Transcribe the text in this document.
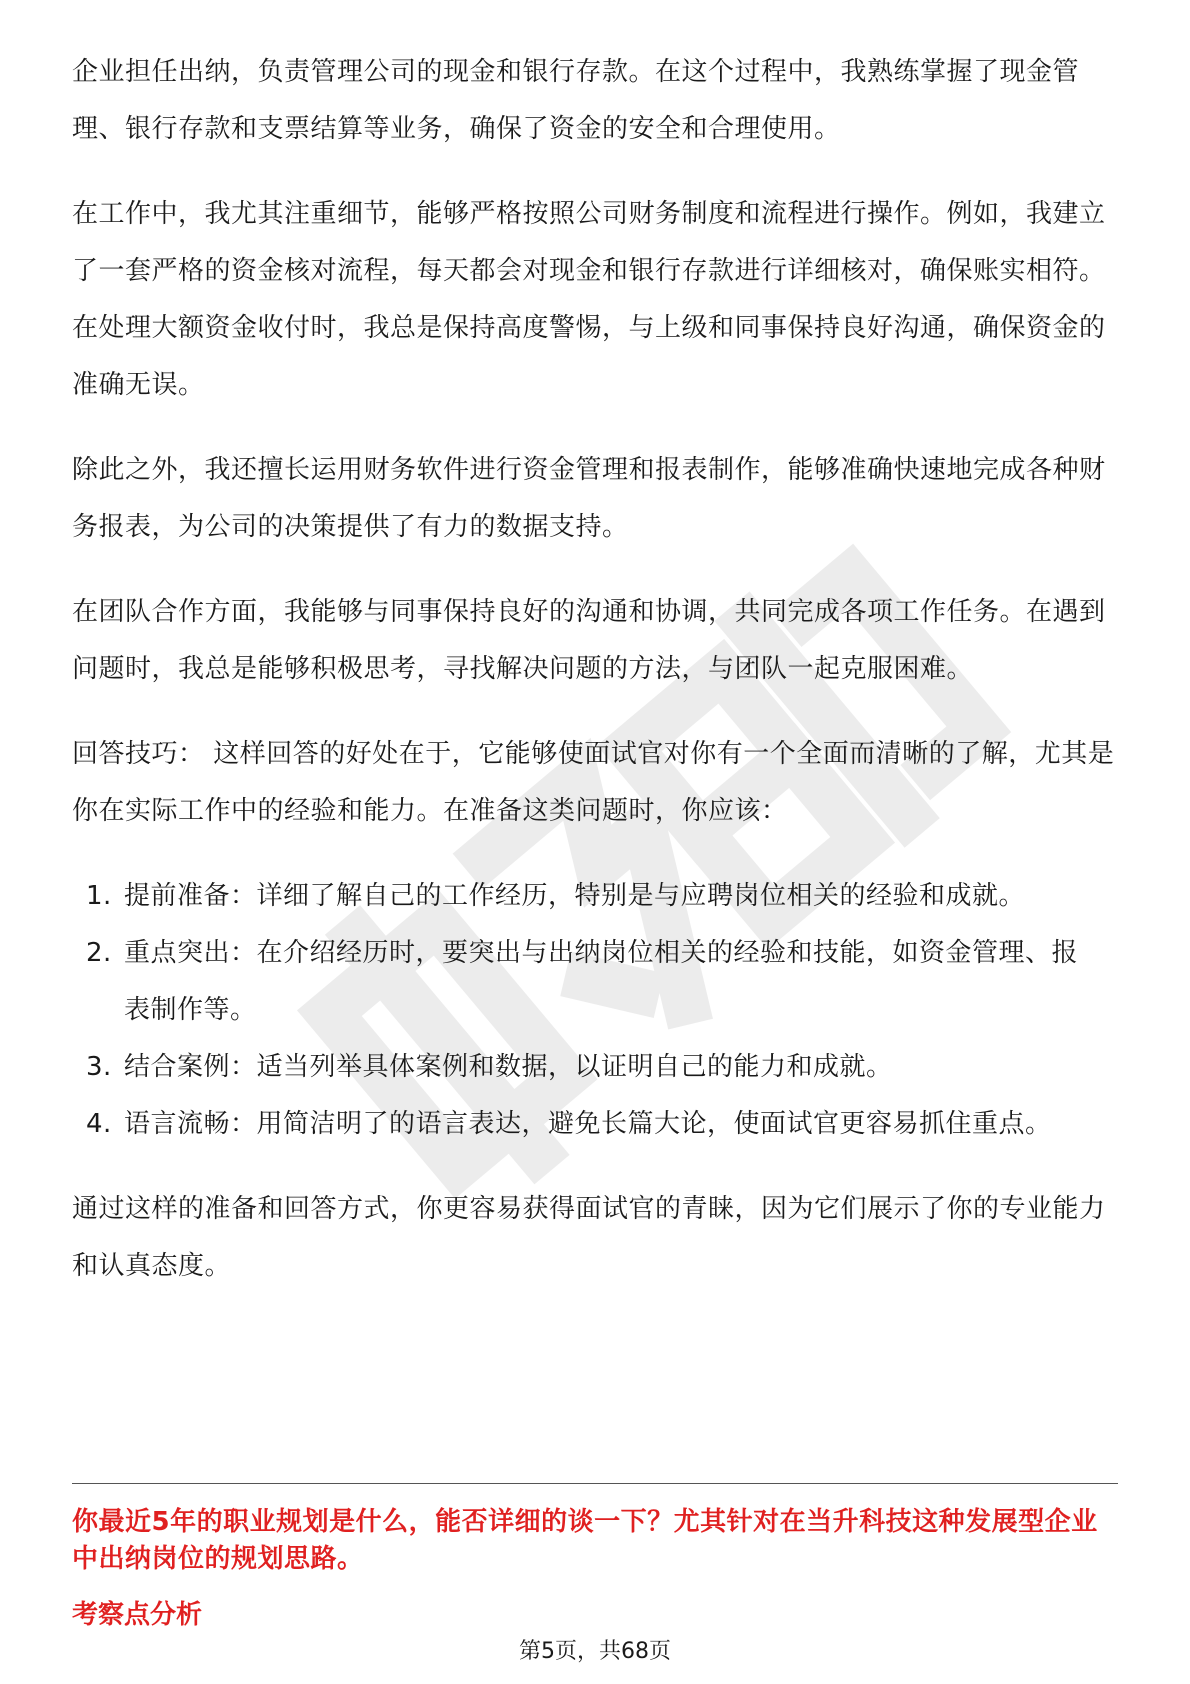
企业担任出纳，负责管理公司的现金和银行存款。在这个过程中，我熟练掌握了现金管理、银行存款和支票结算等业务，确保了资金的安全和合理使用。

在工作中，我尤其注重细节，能够严格按照公司财务制度和流程进行操作。例如，我建立了一套严格的资金核对流程，每天都会对现金和银行存款进行详细核对，确保账实相符。在处理大额资金收付时，我总是保持高度警惕，与上级和同事保持良好沟通，确保资金的准确无误。

除此之外，我还擅长运用财务软件进行资金管理和报表制作，能够准确快速地完成各种财务报表，为公司的决策提供了有力的数据支持。

在团队合作方面，我能够与同事保持良好的沟通和协调，共同完成各项工作任务。在遇到问题时，我总是能够积极思考，寻找解决问题的方法，与团队一起克服困难。

回答技巧： 这样回答的好处在于，它能够使面试官对你有一个全面而清晰的了解，尤其是你在实际工作中的经验和能力。在准备这类问题时，你应该：

1. 提前准备：详细了解自己的工作经历，特别是与应聘岗位相关的经验和成就。
2. 重点突出：在介绍经历时，要突出与出纳岗位相关的经验和技能，如资金管理、报表制作等。
3. 结合案例：适当列举具体案例和数据，以证明自己的能力和成就。
4. 语言流畅：用简洁明了的语言表达，避免长篇大论，使面试官更容易抓住重点。

通过这样的准备和回答方式，你更容易获得面试官的青睐，因为它们展示了你的专业能力和认真态度。

你最近5年的职业规划是什么，能否详细的谈一下？尤其针对在当升科技这种发展型企业中出纳岗位的规划思路。
考察点分析
第5页，共68页
